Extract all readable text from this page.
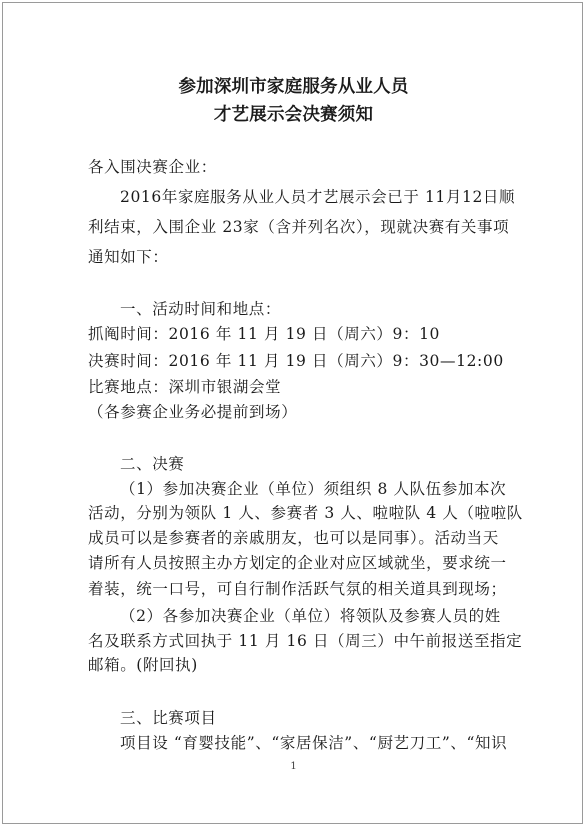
参加深圳市家庭服务从业人员
才艺展示会决赛须知
各入围决赛企业：
2016年家庭服务从业人员才艺展示会已于 11月12日顺
利结束，入围企业 23家（含并列名次），现就决赛有关事项
通知如下：
一、活动时间和地点：
抓阄时间：2016 年 11 月 19 日（周六）9：10
决赛时间：2016 年 11 月 19 日（周六）9：30—12:00
比赛地点：深圳市银湖会堂
（各参赛企业务必提前到场）
二、决赛
（1）参加决赛企业（单位）须组织 8 人队伍参加本次
活动，分别为领队 1 人、参赛者 3 人、啦啦队 4 人（啦啦队
成员可以是参赛者的亲戚朋友，也可以是同事）。活动当天
请所有人员按照主办方划定的企业对应区域就坐，要求统一
着装，统一口号，可自行制作活跃气氛的相关道具到现场；
（2）各参加决赛企业（单位）将领队及参赛人员的姓
名及联系方式回执于 11 月 16 日（周三）中午前报送至指定
邮箱。(附回执)
三、比赛项目
项目设 “育婴技能”、“家居保洁”、“厨艺刀工”、“知识
1
